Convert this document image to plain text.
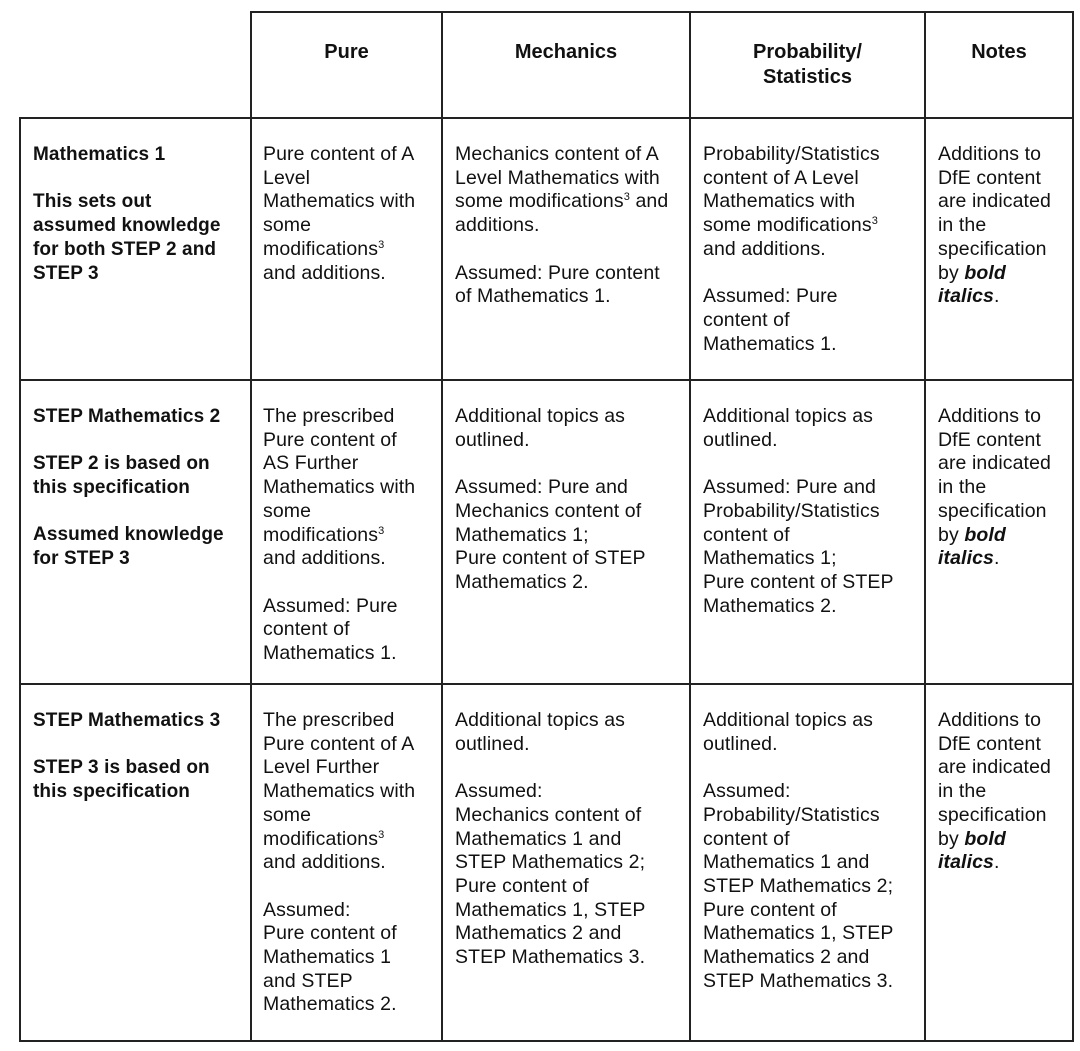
Pure	Mechanics	Probability/
Statistics
Notes
Mathematics 1
This sets out
assumed knowledge
for both STEP 2 and
STEP 3
Pure content of A
Level
Mathematics with
some
modifications$^3$
and additions.
Mechanics content of A
Level Mathematics with
some modifications$^3$ and
additions.
Assumed: Pure content
of Mathematics 1.
Probability/Statistics
content of A Level
Mathematics with
some modifications$^3$
and additions.
Assumed: Pure
content of
Mathematics 1.
Additions to
DfE content
are indicated
in the
specification
by bold
italics.
STEP Mathematics 2
STEP 2 is based on
this specification
Assumed knowledge
for STEP 3
The prescribed
Pure content of
AS Further
Mathematics with
some
modifications$^3$
and additions.
Assumed: Pure
content of
Mathematics 1.
Additional topics as
outlined.
Assumed: Pure and
Mechanics content of
Mathematics 1;
Pure content of STEP
Mathematics 2.
Additional topics as
outlined.
Assumed: Pure and
Probability/Statistics
content of
Mathematics 1;
Pure content of STEP
Mathematics 2.
Additions to
DfE content
are indicated
in the
specification
by bold
italics.
STEP Mathematics 3
STEP 3 is based on
this specification
The prescribed
Pure content of A
Level Further
Mathematics with
some
modifications$^3$
and additions.
Assumed:
Pure content of
Mathematics 1
and STEP
Mathematics 2.
Additional topics as
outlined.
Assumed:
Mechanics content of
Mathematics 1 and
STEP Mathematics 2;
Pure content of
Mathematics 1, STEP
Mathematics 2 and
STEP Mathematics 3.
Additional topics as
outlined.
Assumed:
Probability/Statistics
content of
Mathematics 1 and
STEP Mathematics 2;
Pure content of
Mathematics 1, STEP
Mathematics 2 and
STEP Mathematics 3.
Additions to
DfE content
are indicated
in the
specification
by bold
italics.
